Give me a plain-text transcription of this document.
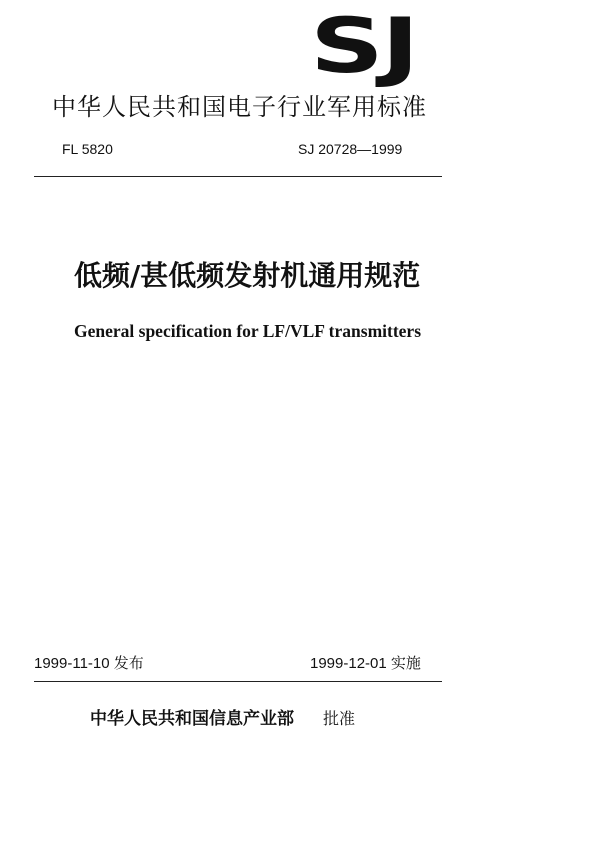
SJ
中华人民共和国电子行业军用标准
FL 5820	SJ 20728—1999
低频/甚低频发射机通用规范
General specification for LF/VLF transmitters
1999-11-10 发布	1999-12-01 实施
中华人民共和国信息产业部 批准
